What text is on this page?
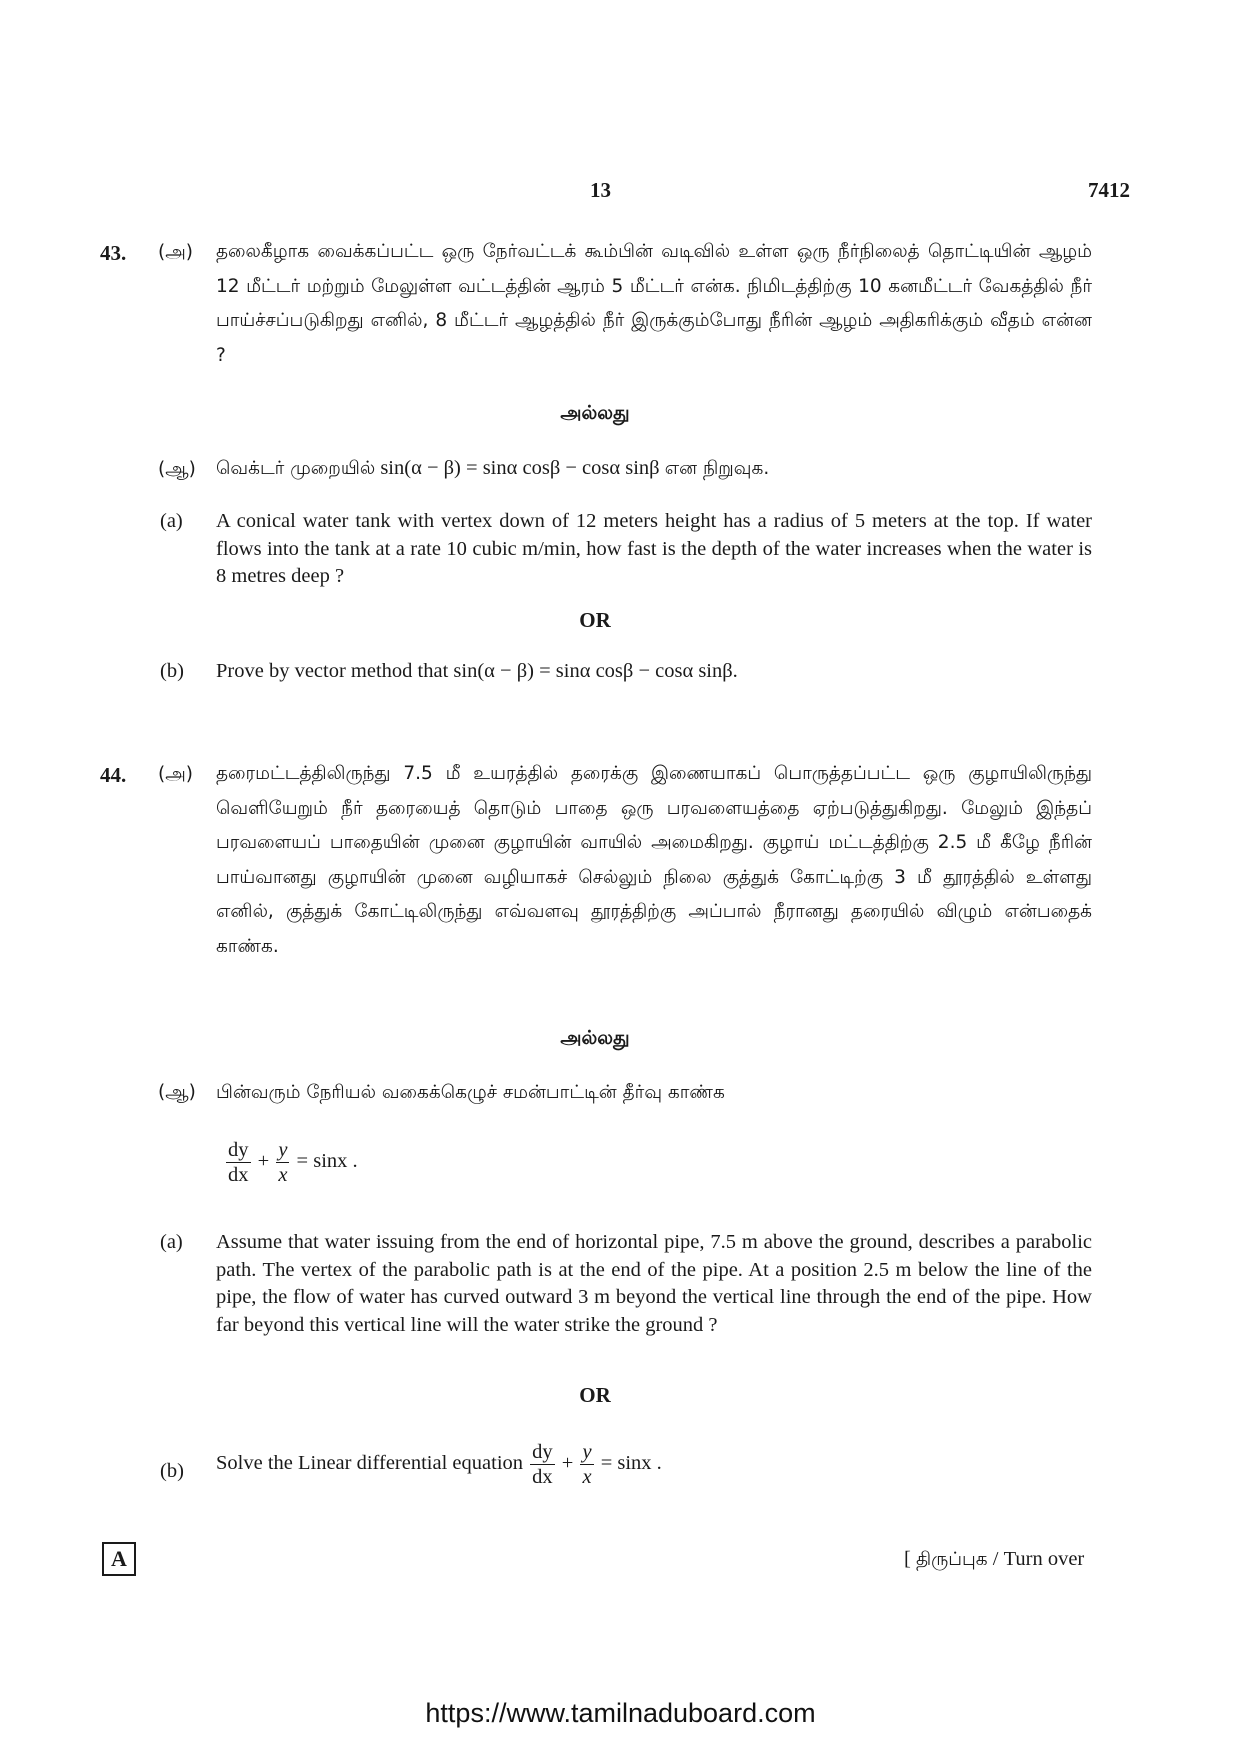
13	7412
43. (அ) தலைகீழாக வைக்கப்பட்ட ஒரு நேர்வட்டக் கூம்பின் வடிவில் உள்ள ஒரு நீர்நிலைத் தொட்டியின் ஆழம் 12 மீட்டர் மற்றும் மேலுள்ள வட்டத்தின் ஆரம் 5 மீட்டர் என்க. நிமிடத்திற்கு 10 கனமீட்டர் வேகத்தில் நீர் பாய்ச்சப்படுகிறது எனில், 8 மீட்டர் ஆழத்தில் நீர் இருக்கும்போது நீரின் ஆழம் அதிகரிக்கும் வீதம் என்ன ?
அல்லது
(ஆ) வெக்டர் முறையில் sin(α − β) = sinα cosβ − cosα sinβ என நிறுவுக.
(a) A conical water tank with vertex down of 12 meters height has a radius of 5 meters at the top. If water flows into the tank at a rate 10 cubic m/min, how fast is the depth of the water increases when the water is 8 metres deep ?
OR
(b) Prove by vector method that sin(α − β) = sinα cosβ − cosα sinβ.
44. (அ) தரைமட்டத்திலிருந்து 7.5 மீ உயரத்தில் தரைக்கு இணையாகப் பொருத்தப்பட்ட ஒரு குழாயிலிருந்து வெளியேறும் நீர் தரையைத் தொடும் பாதை ஒரு பரவளையத்தை ஏற்படுத்துகிறது. மேலும் இந்தப் பரவளையப் பாதையின் முனை குழாயின் வாயில் அமைகிறது. குழாய் மட்டத்திற்கு 2.5 மீ கீழே நீரின் பாய்வானது குழாயின் முனை வழியாகச் செல்லும் நிலை குத்துக் கோட்டிற்கு 3 மீ தூரத்தில் உள்ளது எனில், குத்துக் கோட்டிலிருந்து எவ்வளவு தூரத்திற்கு அப்பால் நீரானது தரையில் விழும் என்பதைக் காண்க.
அல்லது
(ஆ) பின்வரும் நேரியல் வகைக்கெழுச் சமன்பாட்டின் தீர்வு காண்க
$\frac{dy}{dx} + \frac{y}{x} = \sin x$ .
(a) Assume that water issuing from the end of horizontal pipe, 7.5 m above the ground, describes a parabolic path. The vertex of the parabolic path is at the end of the pipe. At a position 2.5 m below the line of the pipe, the flow of water has curved outward 3 m beyond the vertical line through the end of the pipe. How far beyond this vertical line will the water strike the ground ?
OR
(b) Solve the Linear differential equation $\frac{dy}{dx} + \frac{y}{x} = \sin x$ .
A	[ திருப்புக / Turn over
https://www.tamilnaduboard.com
